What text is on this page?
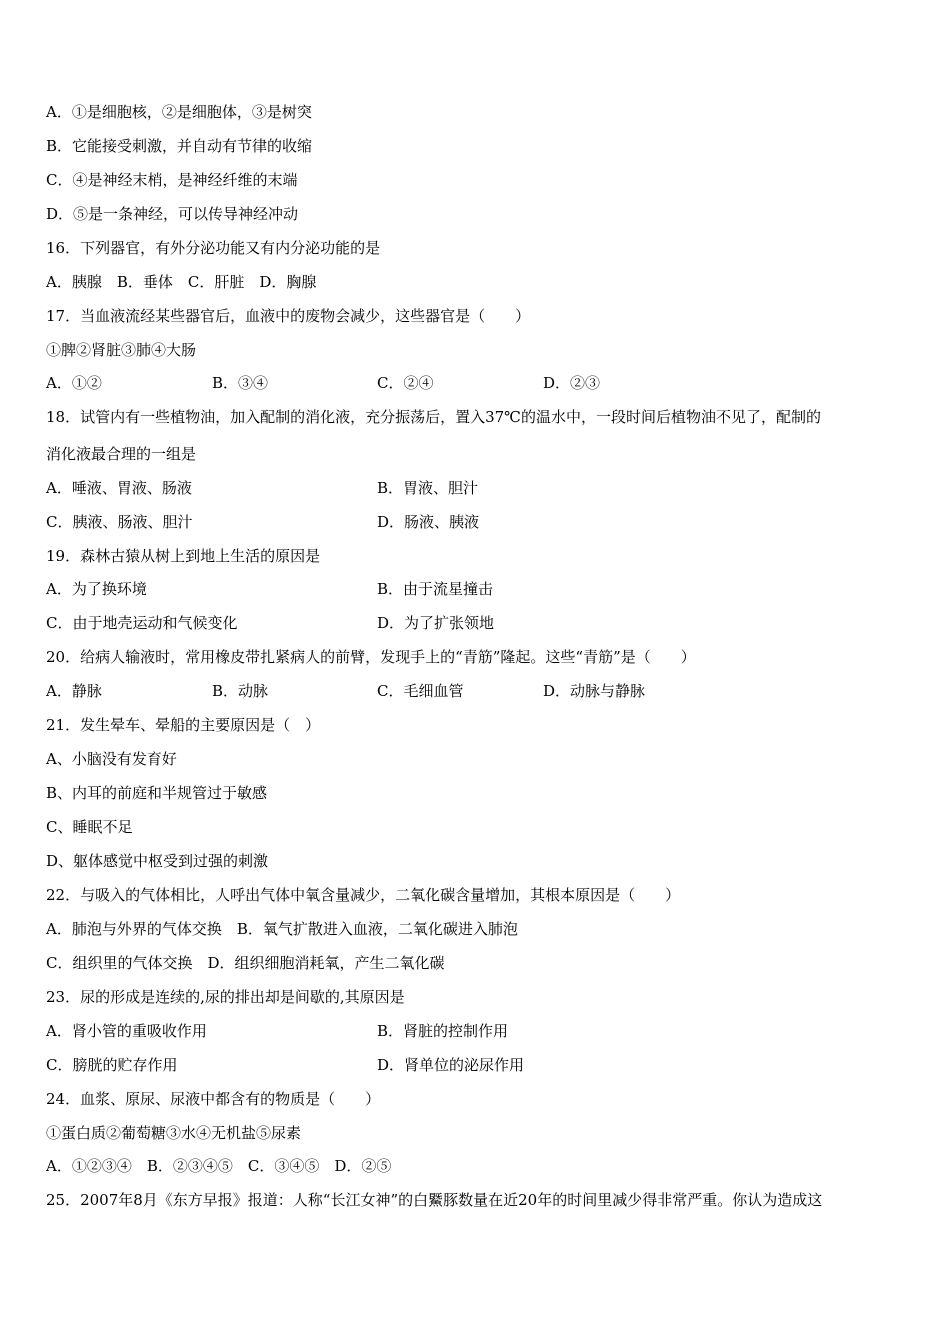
A．①是细胞核，②是细胞体，③是树突
B．它能接受刺激，并自动有节律的收缩
C．④是神经末梢，是神经纤维的末端
D．⑤是一条神经，可以传导神经冲动
16．下列器官，有外分泌功能又有内分泌功能的是
A．胰腺　B．垂体　C．肝脏　D．胸腺
17．当血液流经某些器官后，血液中的废物会减少，这些器官是（　　）
①脾②肾脏③肺④大肠
A．①②	B．③④	C．②④	D．②③
18．试管内有一些植物油，加入配制的消化液，充分振荡后，置入37℃的温水中，一段时间后植物油不见了，配制的
消化液最合理的一组是
A．唾液、胃液、肠液	B．胃液、胆汁
C．胰液、肠液、胆汁	D．肠液、胰液
19．森林古猿从树上到地上生活的原因是
A．为了换环境	B．由于流星撞击
C．由于地壳运动和气候变化	D．为了扩张领地
20．给病人输液时，常用橡皮带扎紧病人的前臂，发现手上的“青筋”隆起。这些“青筋”是（　　）
A．静脉	B．动脉	C．毛细血管	D．动脉与静脉
21．发生晕车、晕船的主要原因是（　）
A、小脑没有发育好
B、内耳的前庭和半规管过于敏感
C、睡眠不足
D、躯体感觉中枢受到过强的刺激
22．与吸入的气体相比，人呼出气体中氧含量减少，二氧化碳含量增加，其根本原因是（　　）
A．肺泡与外界的气体交换　B．氧气扩散进入血液，二氧化碳进入肺泡
C．组织里的气体交换　D．组织细胞消耗氧，产生二氧化碳
23．尿的形成是连续的,尿的排出却是间歇的,其原因是
A．肾小管的重吸收作用	B．肾脏的控制作用
C．膀胱的贮存作用	D．肾单位的泌尿作用
24．血浆、原尿、尿液中都含有的物质是（　　）
①蛋白质②葡萄糖③水④无机盐⑤尿素
A．①②③④　B．②③④⑤　C．③④⑤　D．②⑤
25．2007年8月《东方早报》报道：人称“长江女神”的白鱀豚数量在近20年的时间里减少得非常严重。你认为造成这
